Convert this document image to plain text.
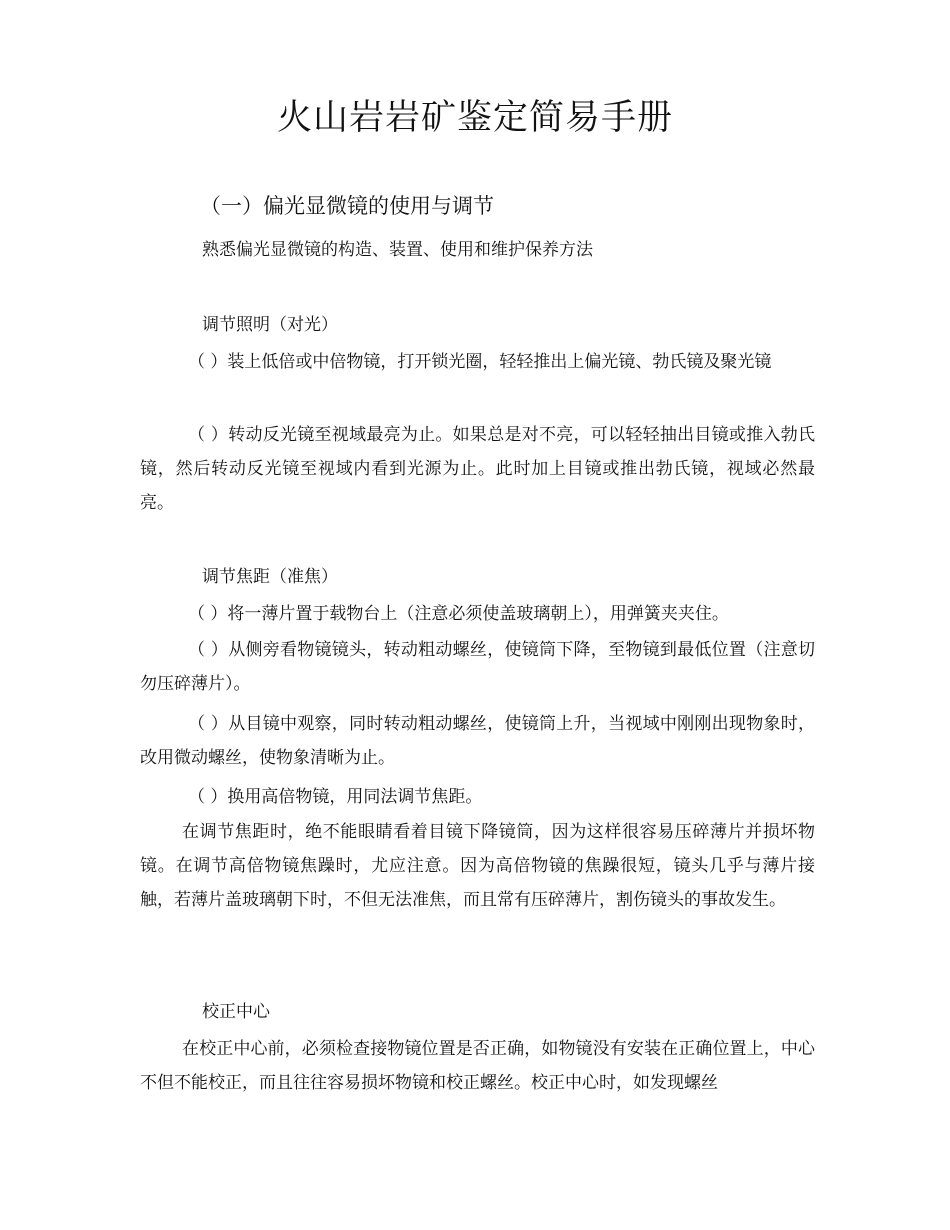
火山岩岩矿鉴定简易手册
（一）偏光显微镜的使用与调节
熟悉偏光显微镜的构造、装置、使用和维护保养方法
调节照明（对光）

（ ）装上低倍或中倍物镜，打开锁光圈，轻轻推出上偏光镜、勃氏镜及聚光镜

（ ）转动反光镜至视域最亮为止。如果总是对不亮，可以轻轻抽出目镜或推入勃氏镜，然后转动反光镜至视域内看到光源为止。此时加上目镜或推出勃氏镜，视域必然最亮。

调节焦距（准焦）

（ ）将一薄片置于载物台上（注意必须使盖玻璃朝上），用弹簧夹夹住。

（ ）从侧旁看物镜镜头，转动粗动螺丝，使镜筒下降，至物镜到最低位置（注意切勿压碎薄片）。

（ ）从目镜中观察，同时转动粗动螺丝，使镜筒上升，当视域中刚刚出现物象时，改用微动螺丝，使物象清晰为止。

（ ）换用高倍物镜，用同法调节焦距。

在调节焦距时，绝不能眼睛看着目镜下降镜筒，因为这样很容易压碎薄片并损坏物镜。在调节高倍物镜焦躁时，尤应注意。因为高倍物镜的焦躁很短，镜头几乎与薄片接触，若薄片盖玻璃朝下时，不但无法准焦，而且常有压碎薄片，割伤镜头的事故发生。

校正中心

在校正中心前，必须检查接物镜位置是否正确，如物镜没有安装在正确位置上，中心不但不能校正，而且往往容易损坏物镜和校正螺丝。校正中心时，如发现螺丝
